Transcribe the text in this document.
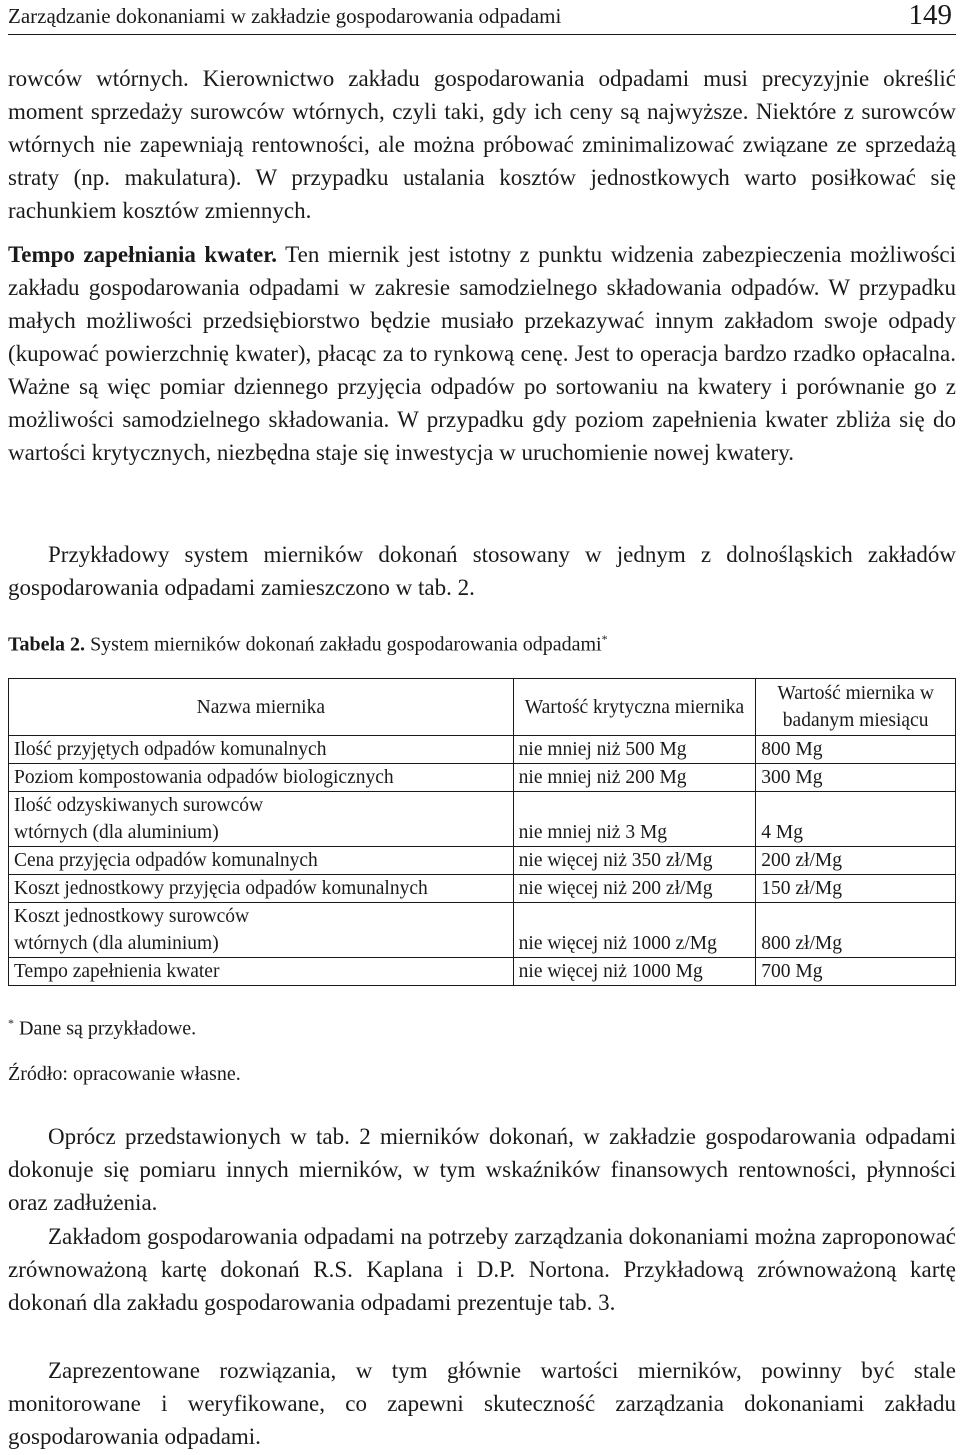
Zarządzanie dokonaniami w zakładzie gospodarowania odpadami	149

rowców wtórnych. Kierownictwo zakładu gospodarowania odpadami musi precyzyjnie określić moment sprzedaży surowców wtórnych, czyli taki, gdy ich ceny są najwyższe. Niektóre z surowców wtórnych nie zapewniają rentowności, ale można próbować zminimalizować związane ze sprzedażą straty (np. makulatura). W przypadku ustalania kosztów jednostkowych warto posiłkować się rachunkiem kosztów zmiennych.

Tempo zapełniania kwater. Ten miernik jest istotny z punktu widzenia zabezpieczenia możliwości zakładu gospodarowania odpadami w zakresie samodzielnego składowania odpadów. W przypadku małych możliwości przedsiębiorstwo będzie musiało przekazywać innym zakładom swoje odpady (kupować powierzchnię kwater), płacąc za to rynkową cenę. Jest to operacja bardzo rzadko opłacalna. Ważne są więc pomiar dziennego przyjęcia odpadów po sortowaniu na kwatery i porównanie go z możliwości samodzielnego składowania. W przypadku gdy poziom zapełnienia kwater zbliża się do wartości krytycznych, niezbędna staje się inwestycja w uruchomienie nowej kwatery.

Przykładowy system mierników dokonań stosowany w jednym z dolnośląskich zakładów gospodarowania odpadami zamieszczono w tab. 2.

Tabela 2. System mierników dokonań zakładu gospodarowania odpadami*
Nazwa miernika	Wartość krytyczna miernika	Wartość miernika w badanym miesiącu
Ilość przyjętych odpadów komunalnych	nie mniej niż 500 Mg	800 Mg
Poziom kompostowania odpadów biologicznych	nie mniej niż 200 Mg	300 Mg
Ilość odzyskiwanych surowców wtórnych (dla aluminium)	nie mniej niż 3 Mg	4 Mg
Cena przyjęcia odpadów komunalnych	nie więcej niż 350 zł/Mg	200 zł/Mg
Koszt jednostkowy przyjęcia odpadów komunalnych	nie więcej niż 200 zł/Mg	150 zł/Mg
Koszt jednostkowy surowców wtórnych (dla aluminium)	nie więcej niż 1000 z/Mg	800 zł/Mg
Tempo zapełnienia kwater	nie więcej niż 1000 Mg	700 Mg
* Dane są przykładowe.
Źródło: opracowanie własne.

Oprócz przedstawionych w tab. 2 mierników dokonań, w zakładzie gospodarowania odpadami dokonuje się pomiaru innych mierników, w tym wskaźników finansowych rentowności, płynności oraz zadłużenia.

Zakładom gospodarowania odpadami na potrzeby zarządzania dokonaniami można zaproponować zrównoważoną kartę dokonań R.S. Kaplana i D.P. Nortona. Przykładową zrównoważoną kartę dokonań dla zakładu gospodarowania odpadami prezentuje tab. 3.

Zaprezentowane rozwiązania, w tym głównie wartości mierników, powinny być stale monitorowane i weryfikowane, co zapewni skuteczność zarządzania dokonaniami zakładu gospodarowania odpadami.
